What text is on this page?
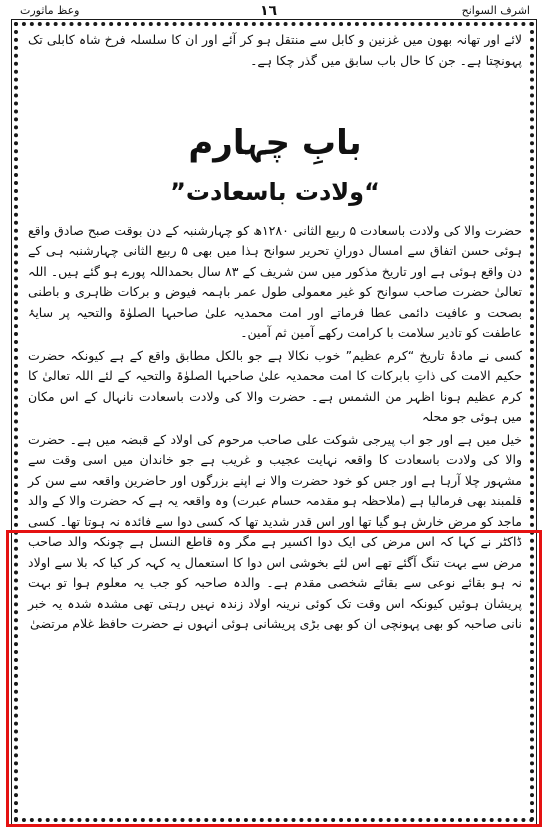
اشرف السوانح
١٦
وعظ ماثورت

لائے اور تھانہ بھون میں غزنین و کابل سے منتقل ہو کر آئے اور ان کا سلسلہ فرخ شاہ کابلی تک پہونچتا ہے۔ جن کا حال باب سابق میں گذر چکا ہے۔

بابِ چہارم
“ولادت باسعادت”

حضرت والا کی ولادت باسعادت ۵ ربیع الثانی ۱۲۸۰ھ کو چہارشنبہ کے دن بوقت صبح صادق واقع ہوئی حسن اتفاق سے امسال دورانِ تحریر سوانح ہذا میں بھی ۵ ربیع الثانی چہارشنبہ ہی کے دن واقع ہوئی ہے اور تاریخ مذکور میں سن شریف کے ۸۳ سال بحمداللہ پورے ہو گئے ہیں۔ اللہ تعالیٰ حضرت صاحب سوانح کو غیر معمولی طول عمر باہمہ فیوض و برکات ظاہری و باطنی بصحت و عافیت دائمی عطا فرماتے اور امت محمدیہ علیٰ صاحبہا الصلوٰۃ والتحیہ پر سایۂ عاطفت کو تادیر سلامت با کرامت رکھے آمین ثم آمین۔

کسی نے مادۂ تاریخ “کرم عظیم” خوب نکالا ہے جو بالکل مطابق واقع کے ہے کیونکہ حضرت حکیم الامت کی ذاتِ بابرکات کا امت محمدیہ علیٰ صاحبہا الصلوٰۃ والتحیہ کے لئے اللہ تعالیٰ کا کرم عظیم ہونا اظہر من الشمس ہے۔ حضرت والا کی ولادت باسعادت نانہال کے اس مکان میں ہوئی جو محلہ

خیل میں ہے اور جو اب پیرجی شوکت علی صاحب مرحوم کی اولاد کے قبضہ میں ہے۔ حضرت والا کی ولادت باسعادت کا واقعہ نہایت عجیب و غریب ہے جو خاندان میں اسی وقت سے مشہور چلا آرہا ہے اور جس کو خود حضرت والا نے اپنے بزرگوں اور حاضرین واقعہ سے سن کر قلمبند بھی فرمالیا ہے (ملاحظہ ہو مقدمہ حسام عبرت) وہ واقعہ یہ ہے کہ حضرت والا کے والد ماجد کو مرض خارش ہو گیا تھا اور اس قدر شدید تھا کہ کسی دوا سے فائدہ نہ ہوتا تھا۔ کسی ڈاکٹر نے کہا کہ اس مرض کی ایک دوا اکسیر ہے مگر وہ قاطع النسل ہے چونکہ والد صاحب مرض سے بہت تنگ آگئے تھے اس لئے بخوشی اس دوا کا استعمال یہ کہہ کر کیا کہ بلا سے اولاد نہ ہو بقائے نوعی سے بقائے شخصی مقدم ہے۔ والدہ صاحبہ کو جب یہ معلوم ہوا تو بہت پریشان ہوئیں کیونکہ اس وقت تک کوئی نرینہ اولاد زندہ نہیں رہتی تھی مشدہ شدہ یہ خبر نانی صاحبہ کو بھی پہونچی ان کو بھی بڑی پریشانی ہوئی انہوں نے حضرت حافظ غلام مرتضیٰ
